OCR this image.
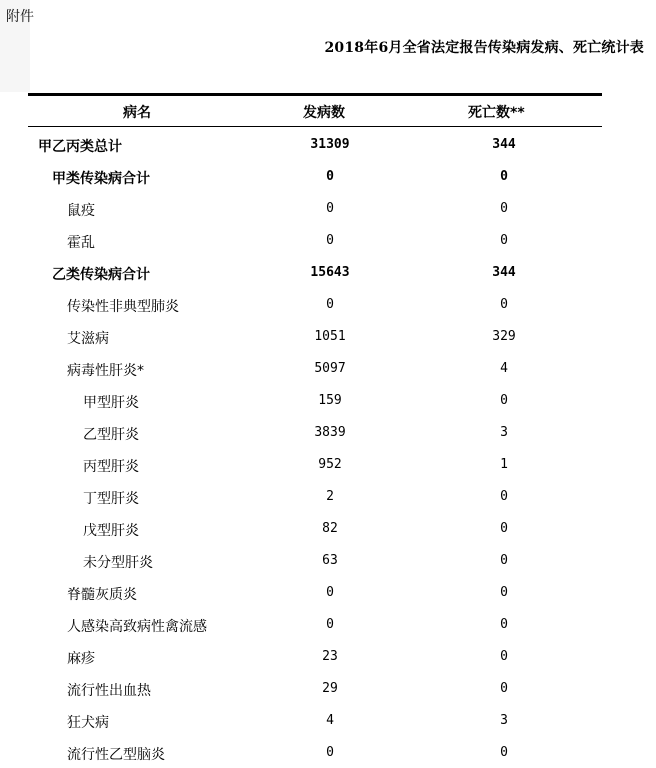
附件
2018年6月全省法定报告传染病发病、死亡统计表
病名	发病数	死亡数**
甲乙丙类总计	31309	344
甲类传染病合计	0	0
鼠疫	0	0
霍乱	0	0
乙类传染病合计	15643	344
传染性非典型肺炎	0	0
艾滋病	1051	329
病毒性肝炎*	5097	4
甲型肝炎	159	0
乙型肝炎	3839	3
丙型肝炎	952	1
丁型肝炎	2	0
戊型肝炎	82	0
未分型肝炎	63	0
脊髓灰质炎	0	0
人感染高致病性禽流感	0	0
麻疹	23	0
流行性出血热	29	0
狂犬病	4	3
流行性乙型脑炎	0	0
